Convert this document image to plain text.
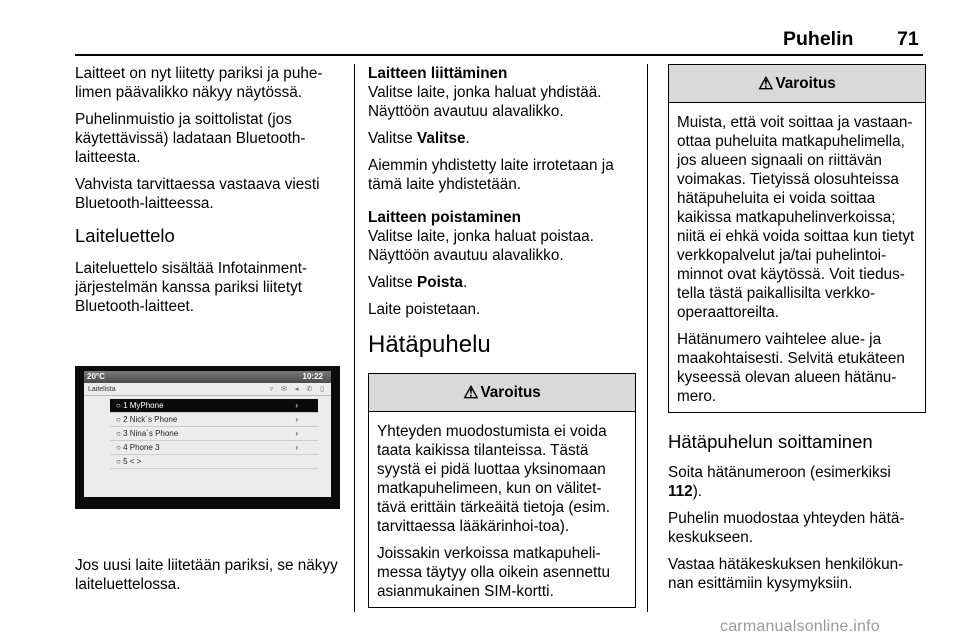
Puhelin 71

Laitteet on nyt liitetty pariksi ja puhe-limen päävalikko näkyy näytössä.

Puhelinmuistio ja soittolistat (jos käytettävissä) ladataan Bluetooth-laitteesta.

Vahvista tarvittaessa vastaava viesti Bluetooth-laitteessa.

Laiteluettelo

Laiteluettelo sisältää Infotainment-järjestelmän kanssa pariksi liitetyt Bluetooth-laitteet.

20°C	10:22
Laitelista	▿ ✉ ◂ ✆ ▯
○ 1 MyPhone	›
○ 2 Nick´s Phone	›
○ 3 Nina´s Phone	›
○ 4 Phone 3	›
○ 5 < >

Jos uusi laite liitetään pariksi, se näkyy laiteluettelossa.

Laitteen liittäminen

Valitse laite, jonka haluat yhdistää. Näyttöön avautuu alavalikko.

Valitse Valitse.

Aiemmin yhdistetty laite irrotetaan ja tämä laite yhdistetään.

Laitteen poistaminen

Valitse laite, jonka haluat poistaa. Näyttöön avautuu alavalikko.

Valitse Poista.

Laite poistetaan.

Hätäpuhelu
⚠ Varoitus

Yhteyden muodostumista ei voida taata kaikissa tilanteissa. Tästä syystä ei pidä luottaa yksinomaan matkapuhelimeen, kun on välitet-tävä erittäin tärkeäitä tietoja (esim. tarvittaessa lääkärinhoi-toa).

Joissakin verkoissa matkapuheli-messa täytyy olla oikein asennettu asianmukainen SIM-kortti.

⚠ Varoitus

Muista, että voit soittaa ja vastaan-ottaa puheluita matkapuhelimella, jos alueen signaali on riittävän voimakas. Tietyissä olosuhteissa hätäpuheluita ei voida soittaa kaikissa matkapuhelinverkoissa; niitä ei ehkä voida soittaa kun tietyt verkkopalvelut ja/tai puhelintoi-minnot ovat käytössä. Voit tiedus-tella tästä paikallisilta verkko-operaattoreilta.

Hätänumero vaihtelee alue- ja maakohtaisesti. Selvitä etukäteen kyseessä olevan alueen hätänu-mero.

Hätäpuhelun soittaminen

Soita hätänumeroon (esimerkiksi 112).

Puhelin muodostaa yhteyden hätä-keskukseen.

Vastaa hätäkeskuksen henkilökun-nan esittämiin kysymyksiin.

carmanualsonline.info
